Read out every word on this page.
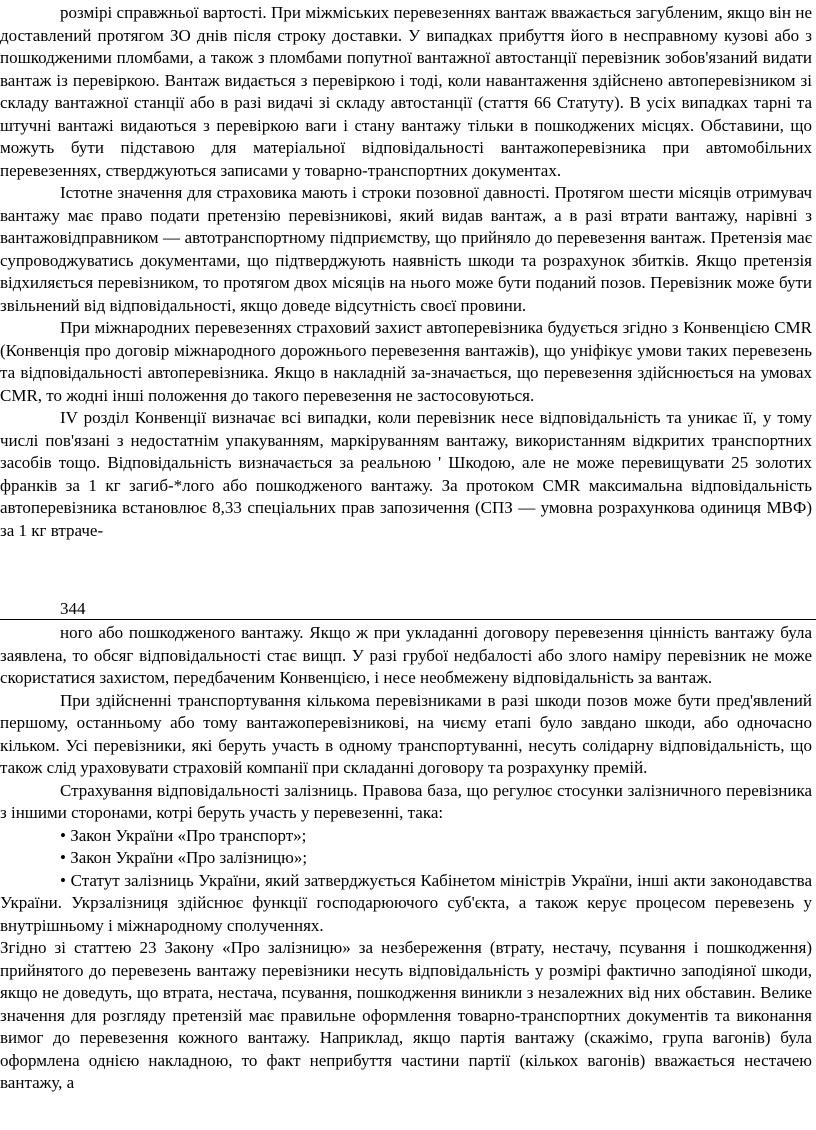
розмірі справжньої вартості. При міжміських перевезеннях вантаж вважається загубленим, якщо він не доставлений протягом ЗО днів після строку доставки. У випадках прибуття його в несправному кузові або з пошкодженими пломбами, а також з пломбами попутної вантажної автостанції перевізник зобов'язаний видати вантаж із перевіркою. Вантаж видається з перевіркою і тоді, коли навантаження здійснено автоперевізником зі складу вантажної станції або в разі видачі зі складу автостанції (стаття 66 Статуту). В усіх випадках тарні та штучні вантажі видаються з перевіркою ваги і стану вантажу тільки в пошкоджених місцях. Обставини, що можуть бути підставою для матеріальної відповідальності вантажоперевізника при автомобільних перевезеннях, стверджуються записами у товарно-транспортних документах.

Істотне значення для страховика мають і строки позовної давності. Протягом шести місяців отримувач вантажу має право подати претензію перевізникові, який видав вантаж, а в разі втрати вантажу, нарівні з вантажовідправником — автотранспортному підприємству, що прийняло до перевезення вантаж. Претензія має супроводжуватись документами, що підтверджують наявність шкоди та розрахунок збитків. Якщо претензія відхиляється перевізником, то протягом двох місяців на нього може бути поданий позов. Перевізник може бути звільнений від відповідальності, якщо доведе відсутність своєї провини.

При міжнародних перевезеннях страховий захист автоперевізника будується згідно з Конвенцією CMR (Конвенція про договір міжнародного дорожнього перевезення вантажів), що уніфікує умови таких перевезень та відповідальності автоперевізника. Якщо в накладній за-значається, що перевезення здійснюється на умовах CMR, то жодні інші положення до такого перевезення не застосовуються.

IV розділ Конвенції визначає всі випадки, коли перевізник несе відповідальність та уникає її, у тому числі пов'язані з недостатнім упакуванням, маркіруванням вантажу, використанням відкритих транспортних засобів тощо. Відповідальність визначається за реальною ' Шкодою, але не може перевищувати 25 золотих франків за 1 кг загиб-*лого або пошкодженого вантажу. За протоком CMR максимальна відповідальність автоперевізника встановлює 8,33 спеціальних прав запозичення (СПЗ — умовна розрахункова одиниця МВФ) за 1 кг втраче-

344

ного або пошкодженого вантажу. Якщо ж при укладанні договору перевезення цінність вантажу була заявлена, то обсяг відповідальності стає вищп. У разі грубої недбалості або злого наміру перевізник не може скористатися захистом, передбаченим Конвенцією, і несе необмежену відповідальність за вантаж.

При здійсненні транспортування кількома перевізниками в разі шкоди позов може бути пред'явлений першому, останньому або тому вантажоперевізникові, на чиєму етапі було завдано шкоди, або одночасно кільком. Усі перевізники, які беруть участь в одному транспортуванні, несуть солідарну відповідальність, що також слід ураховувати страховій компанії при складанні договору та розрахунку премій.

Страхування відповідальності залізниць. Правова база, що регулює стосунки залізничного перевізника з іншими сторонами, котрі беруть участь у перевезенні, така:

• Закон України «Про транспорт»;

• Закон України «Про залізницю»;

• Статут залізниць України, який затверджується Кабінетом міністрів України, інші акти законодавства України. Укрзалізниця здійснює функції господарюючого суб'єкта, а також керує процесом перевезень у внутрішньому і міжнародному сполученнях.

Згідно зі статтею 23 Закону «Про залізницю» за незбереження (втрату, нестачу, псування і пошкодження) прийнятого до перевезень вантажу перевізники несуть відповідальність у розмірі фактично заподіяної шкоди, якщо не доведуть, що втрата, нестача, псування, пошкодження виникли з незалежних від них обставин. Велике значення для розгляду претензій має правильне оформлення товарно-транспортних документів та виконання вимог до перевезення кожного вантажу. Наприклад, якщо партія вантажу (скажімо, група вагонів) була оформлена однією накладною, то факт неприбуття частини партії (кількох вагонів) вважається нестачею вантажу, а
